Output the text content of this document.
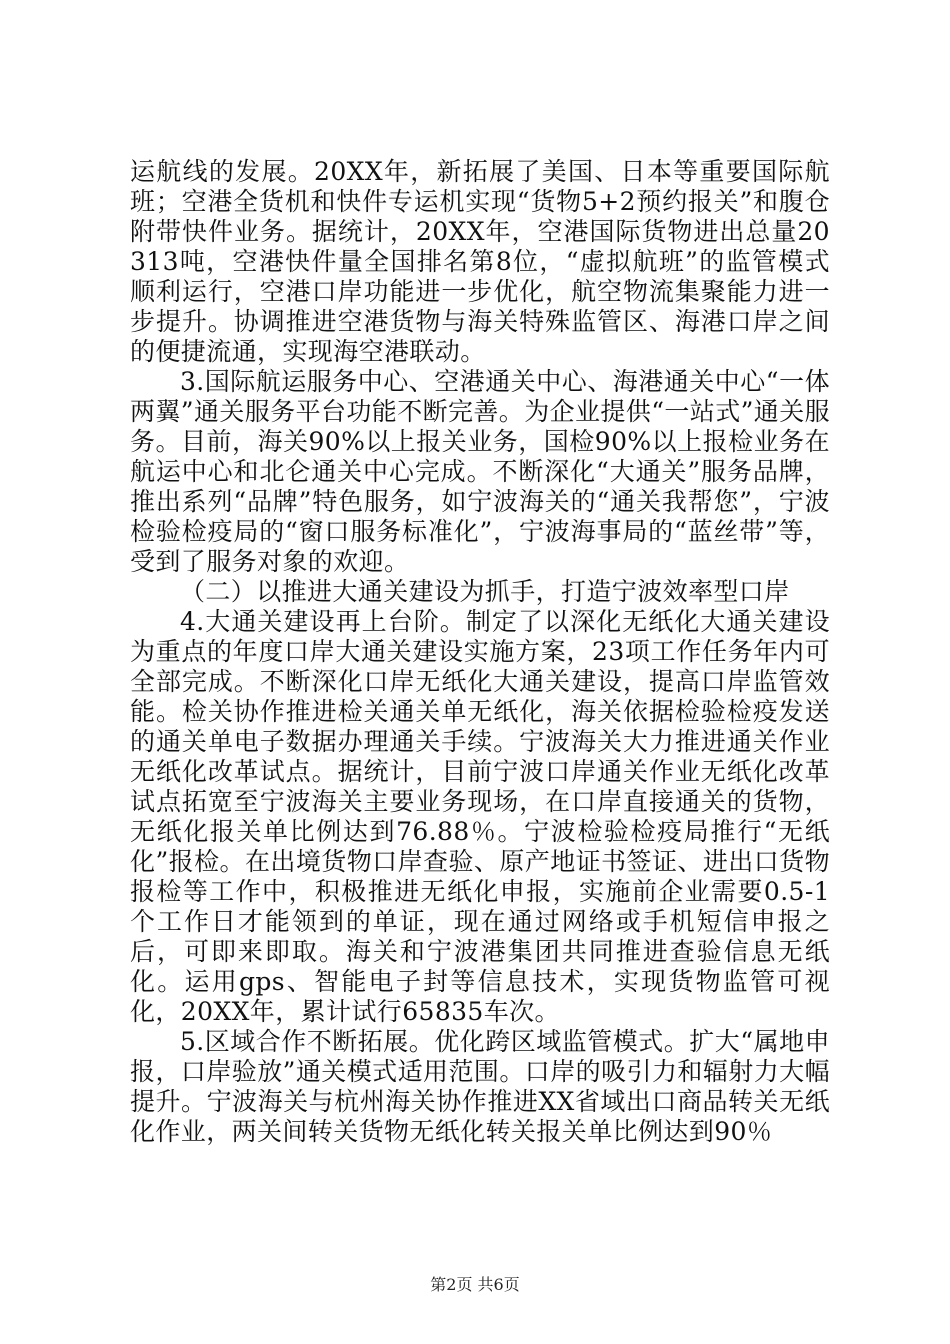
运航线的发展。20XX年，新拓展了美国、日本等重要国际航班；空港全货机和快件专运机实现“货物5+2预约报关”和腹仓附带快件业务。据统计，20XX年，空港国际货物进出总量20313吨，空港快件量全国排名第8位，“虚拟航班”的监管模式顺利运行，空港口岸功能进一步优化，航空物流集聚能力进一步提升。协调推进空港货物与海关特殊监管区、海港口岸之间的便捷流通，实现海空港联动。

3.国际航运服务中心、空港通关中心、海港通关中心“一体两翼”通关服务平台功能不断完善。为企业提供“一站式”通关服务。目前，海关90%以上报关业务，国检90%以上报检业务在航运中心和北仑通关中心完成。不断深化“大通关”服务品牌，推出系列“品牌”特色服务，如宁波海关的“通关我帮您”，宁波检验检疫局的“窗口服务标准化”，宁波海事局的“蓝丝带”等，受到了服务对象的欢迎。

（二）以推进大通关建设为抓手，打造宁波效率型口岸

4.大通关建设再上台阶。制定了以深化无纸化大通关建设为重点的年度口岸大通关建设实施方案，23项工作任务年内可全部完成。不断深化口岸无纸化大通关建设，提高口岸监管效能。检关协作推进检关通关单无纸化，海关依据检验检疫发送的通关单电子数据办理通关手续。宁波海关大力推进通关作业无纸化改革试点。据统计，目前宁波口岸通关作业无纸化改革试点拓宽至宁波海关主要业务现场，在口岸直接通关的货物，无纸化报关单比例达到76.88％。宁波检验检疫局推行“无纸化”报检。在出境货物口岸查验、原产地证书签证、进出口货物报检等工作中，积极推进无纸化申报，实施前企业需要0.5-1个工作日才能领到的单证，现在通过网络或手机短信申报之后，可即来即取。海关和宁波港集团共同推进查验信息无纸化。运用gps、智能电子封等信息技术，实现货物监管可视化，20XX年，累计试行65835车次。

5.区域合作不断拓展。优化跨区域监管模式。扩大“属地申报，口岸验放”通关模式适用范围。口岸的吸引力和辐射力大幅提升。宁波海关与杭州海关协作推进XX省域出口商品转关无纸化作业，两关间转关货物无纸化转关报关单比例达到90％

第2页 共6页
